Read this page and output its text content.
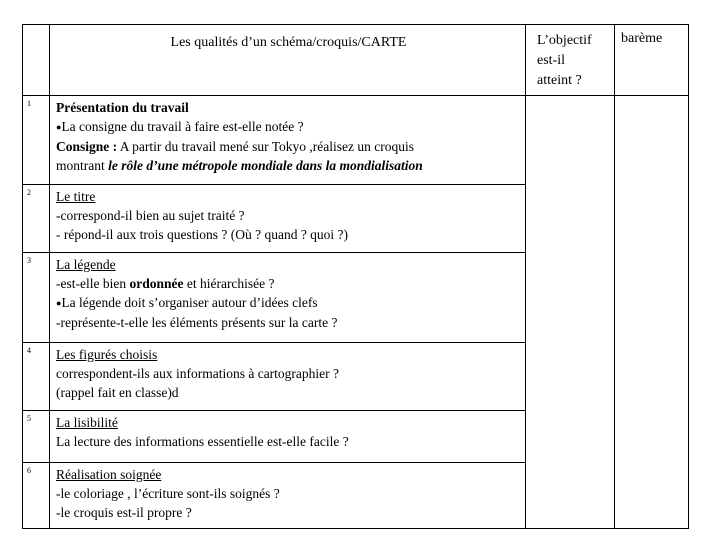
	Les qualités d’un schéma/croquis/CARTE	L’objectif
est-il
atteint ?	barème
1	Présentation du travail
●La consigne du travail à faire est-elle notée ?
Consigne : A partir du travail mené sur Tokyo ,réalisez un croquis
montrant le rôle d’une métropole mondiale dans la mondialisation		

2	Le titre
-correspond-il bien au sujet traité ?
- répond-il aux trois questions ? (Où ? quand ? quoi ?)		

3	La légende
-est-elle bien ordonnée et hiérarchisée ?
●La légende doit s’organiser autour d’idées clefs
-représente-t-elle les éléments présents sur la carte ?		

4	Les figurés choisis
correspondent-ils aux informations à cartographier ?
(rappel fait en classe)d		

5	La lisibilité
La lecture des informations essentielle est-elle facile ?		

6	Réalisation soignée
-le coloriage , l’écriture sont-ils soignés ?
-le croquis est-il propre ?		
